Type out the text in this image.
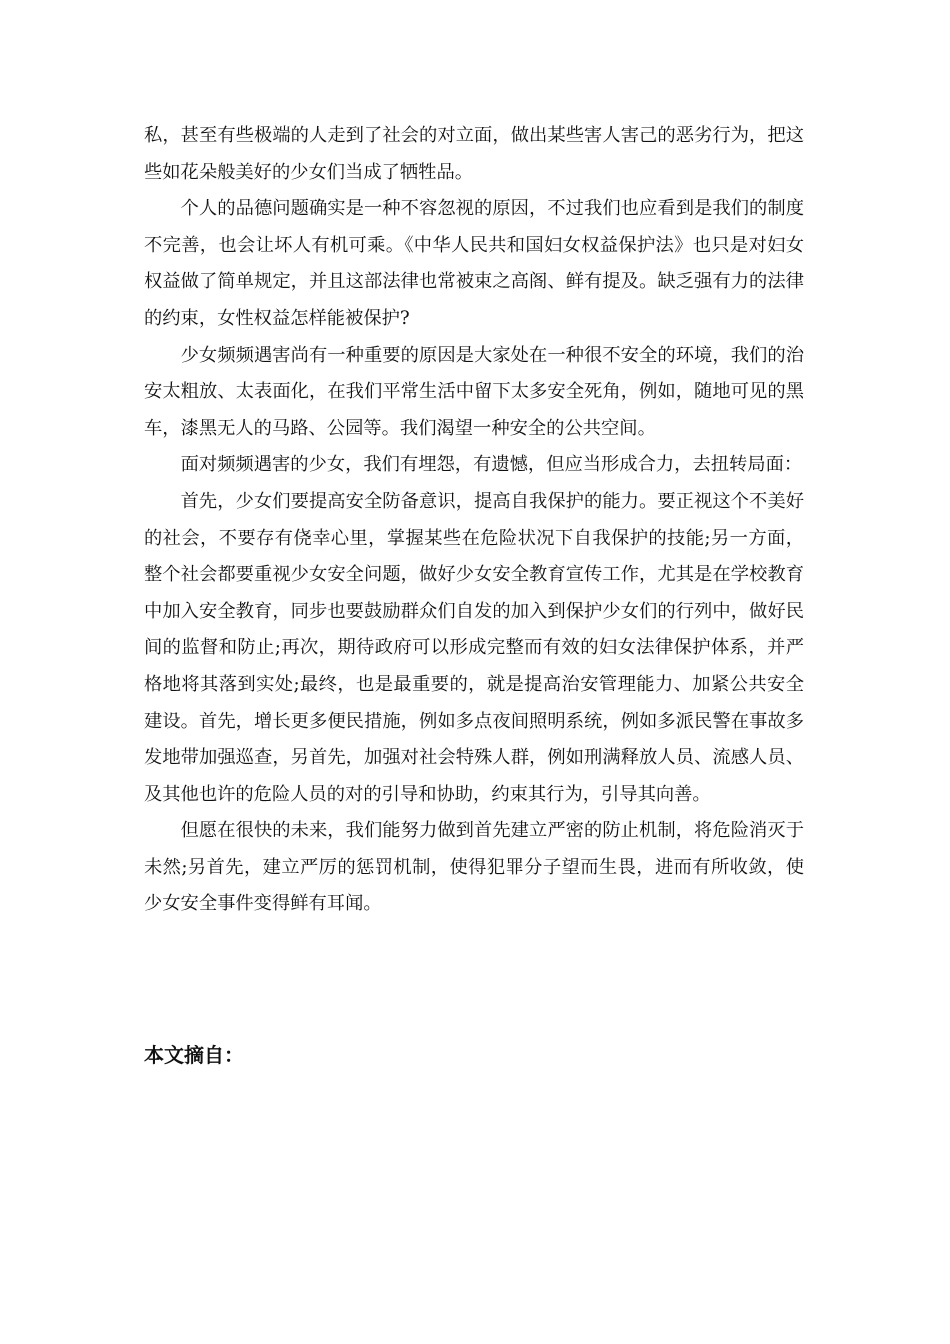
私，甚至有些极端的人走到了社会的对立面，做出某些害人害己的恶劣行为，把这些如花朵般美好的少女们当成了牺牲品。

个人的品德问题确实是一种不容忽视的原因，不过我们也应看到是我们的制度不完善，也会让坏人有机可乘。《中华人民共和国妇女权益保护法》也只是对妇女权益做了简单规定，并且这部法律也常被束之高阁、鲜有提及。缺乏强有力的法律的约束，女性权益怎样能被保护?

少女频频遇害尚有一种重要的原因是大家处在一种很不安全的环境，我们的治安太粗放、太表面化，在我们平常生活中留下太多安全死角，例如，随地可见的黑车，漆黑无人的马路、公园等。我们渴望一种安全的公共空间。

面对频频遇害的少女，我们有埋怨，有遗憾，但应当形成合力，去扭转局面：

首先，少女们要提高安全防备意识，提高自我保护的能力。要正视这个不美好的社会，不要存有侥幸心里，掌握某些在危险状况下自我保护的技能;另一方面，整个社会都要重视少女安全问题，做好少女安全教育宣传工作，尤其是在学校教育中加入安全教育，同步也要鼓励群众们自发的加入到保护少女们的行列中，做好民间的监督和防止;再次，期待政府可以形成完整而有效的妇女法律保护体系，并严格地将其落到实处;最终，也是最重要的，就是提高治安管理能力、加紧公共安全建设。首先，增长更多便民措施，例如多点夜间照明系统，例如多派民警在事故多发地带加强巡查，另首先，加强对社会特殊人群，例如刑满释放人员、流感人员、及其他也许的危险人员的对的引导和协助，约束其行为，引导其向善。

但愿在很快的未来，我们能努力做到首先建立严密的防止机制，将危险消灭于未然;另首先，建立严厉的惩罚机制，使得犯罪分子望而生畏，进而有所收敛，使少女安全事件变得鲜有耳闻。

本文摘自：
